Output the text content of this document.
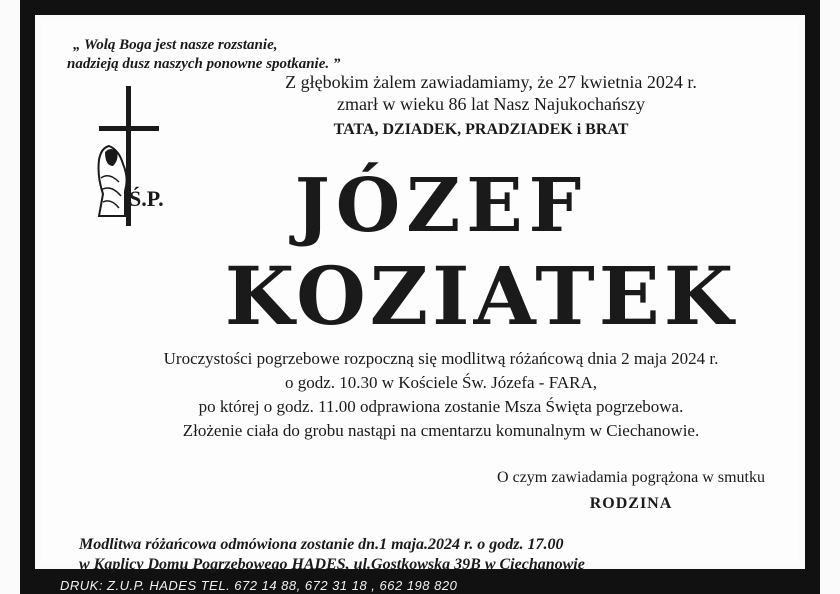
„ Wolą Boga jest nasze rozstanie,
nadzieją dusz naszych ponowne spotkanie. ”
Z głębokim żalem zawiadamiamy, że 27 kwietnia 2024 r.
zmarł w wieku 86 lat Nasz Najukochańszy
TATA, DZIADEK, PRADZIADEK i BRAT
Ś.P.	JÓZEF
KOZIATEK
Uroczystości pogrzebowe rozpoczną się modlitwą różańcową dnia 2 maja 2024 r.
o godz. 10.30 w Kościele Św. Józefa - FARA,
po której o godz. 11.00 odprawiona zostanie Msza Święta pogrzebowa.
Złożenie ciała do grobu nastąpi na cmentarzu komunalnym w Ciechanowie.
O czym zawiadamia pogrążona w smutku
RODZINA
Modlitwa różańcowa odmówiona zostanie dn.1 maja.2024 r. o godz. 17.00
w Kaplicy Domu Pogrzebowego HADES, ul.Gostkowska 39B w Ciechanowie
DRUK: Z.U.P. HADES TEL. 672 14 88, 672 31 18 , 662 198 820
